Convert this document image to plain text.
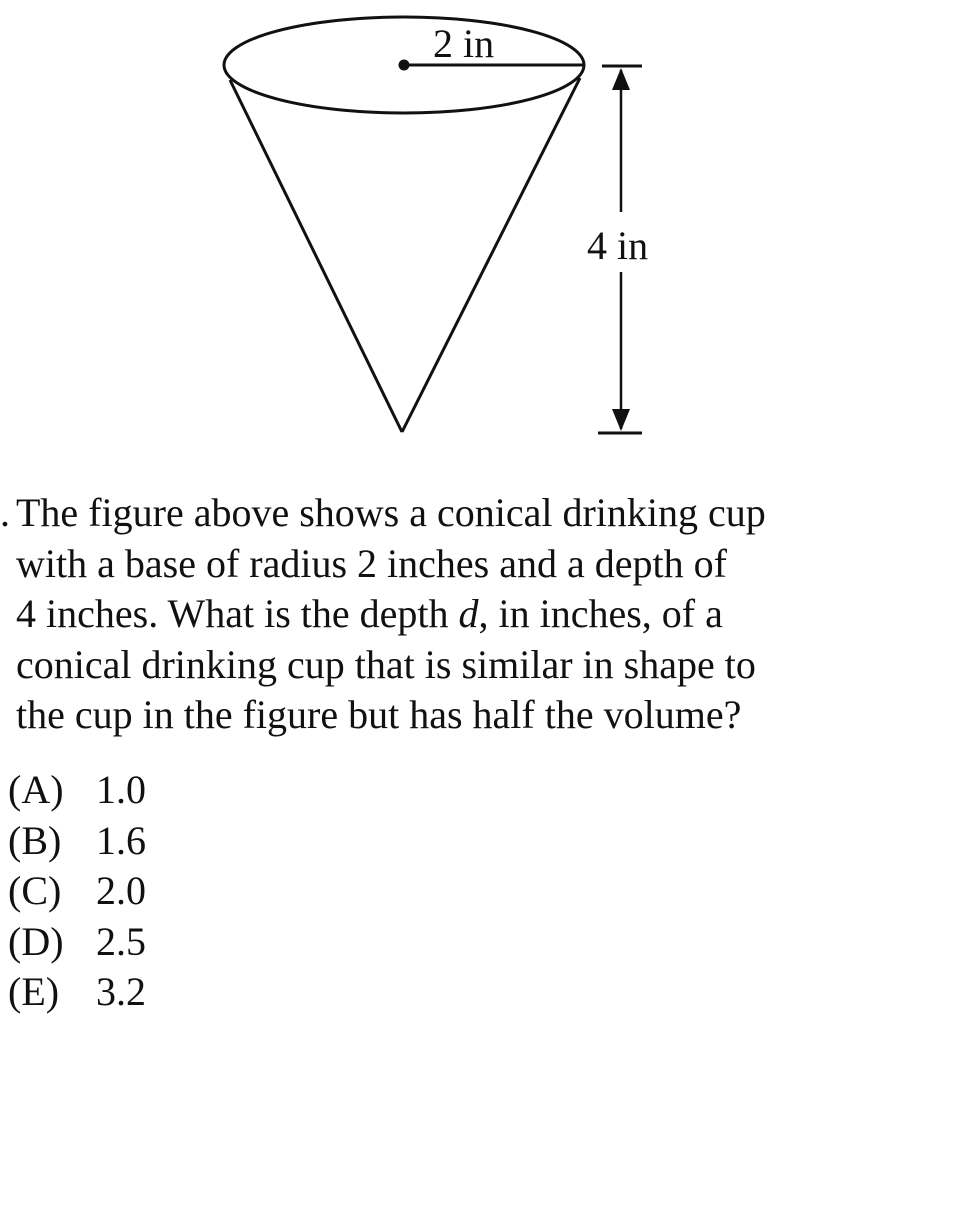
2 in
4 in
. The figure above shows a conical drinking cup
with a base of radius 2 inches and a depth of
4 inches. What is the depth d, in inches, of a
conical drinking cup that is similar in shape to
the cup in the figure but has half the volume?
(A) 1.0
(B) 1.6
(C) 2.0
(D) 2.5
(E) 3.2
